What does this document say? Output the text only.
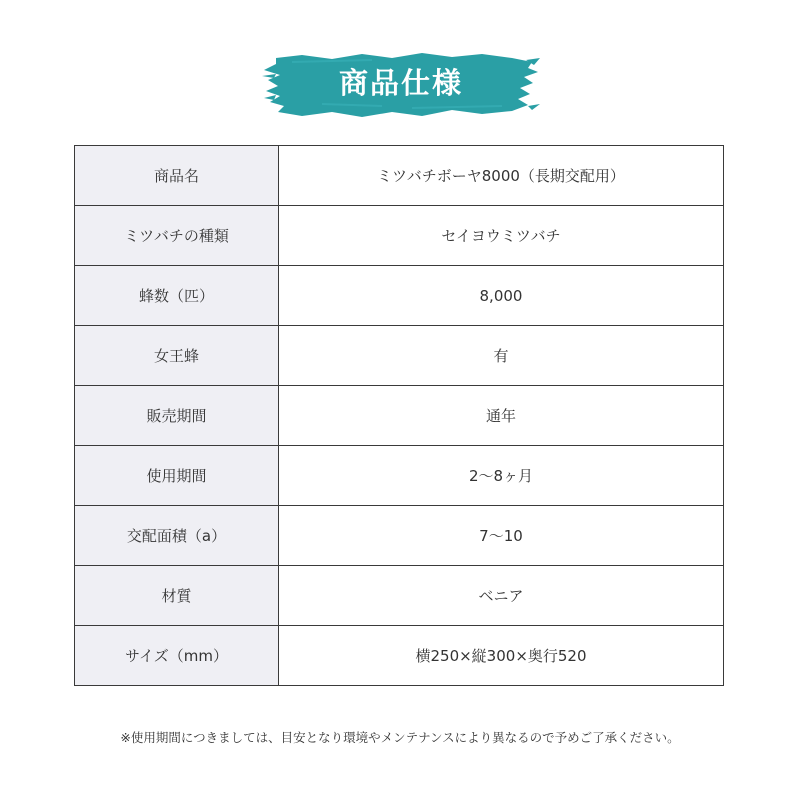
商品仕様
商品名	ミツバチボーヤ8000（長期交配用）
ミツバチの種類	セイヨウミツバチ
蜂数（匹）	8,000
女王蜂	有
販売期間	通年
使用期間	2～8ヶ月
交配面積（a）	7～10
材質	ベニア
サイズ（mm）	横250×縦300×奥行520
※使用期間につきましては、目安となり環境やメンテナンスにより異なるので予めご了承ください。
